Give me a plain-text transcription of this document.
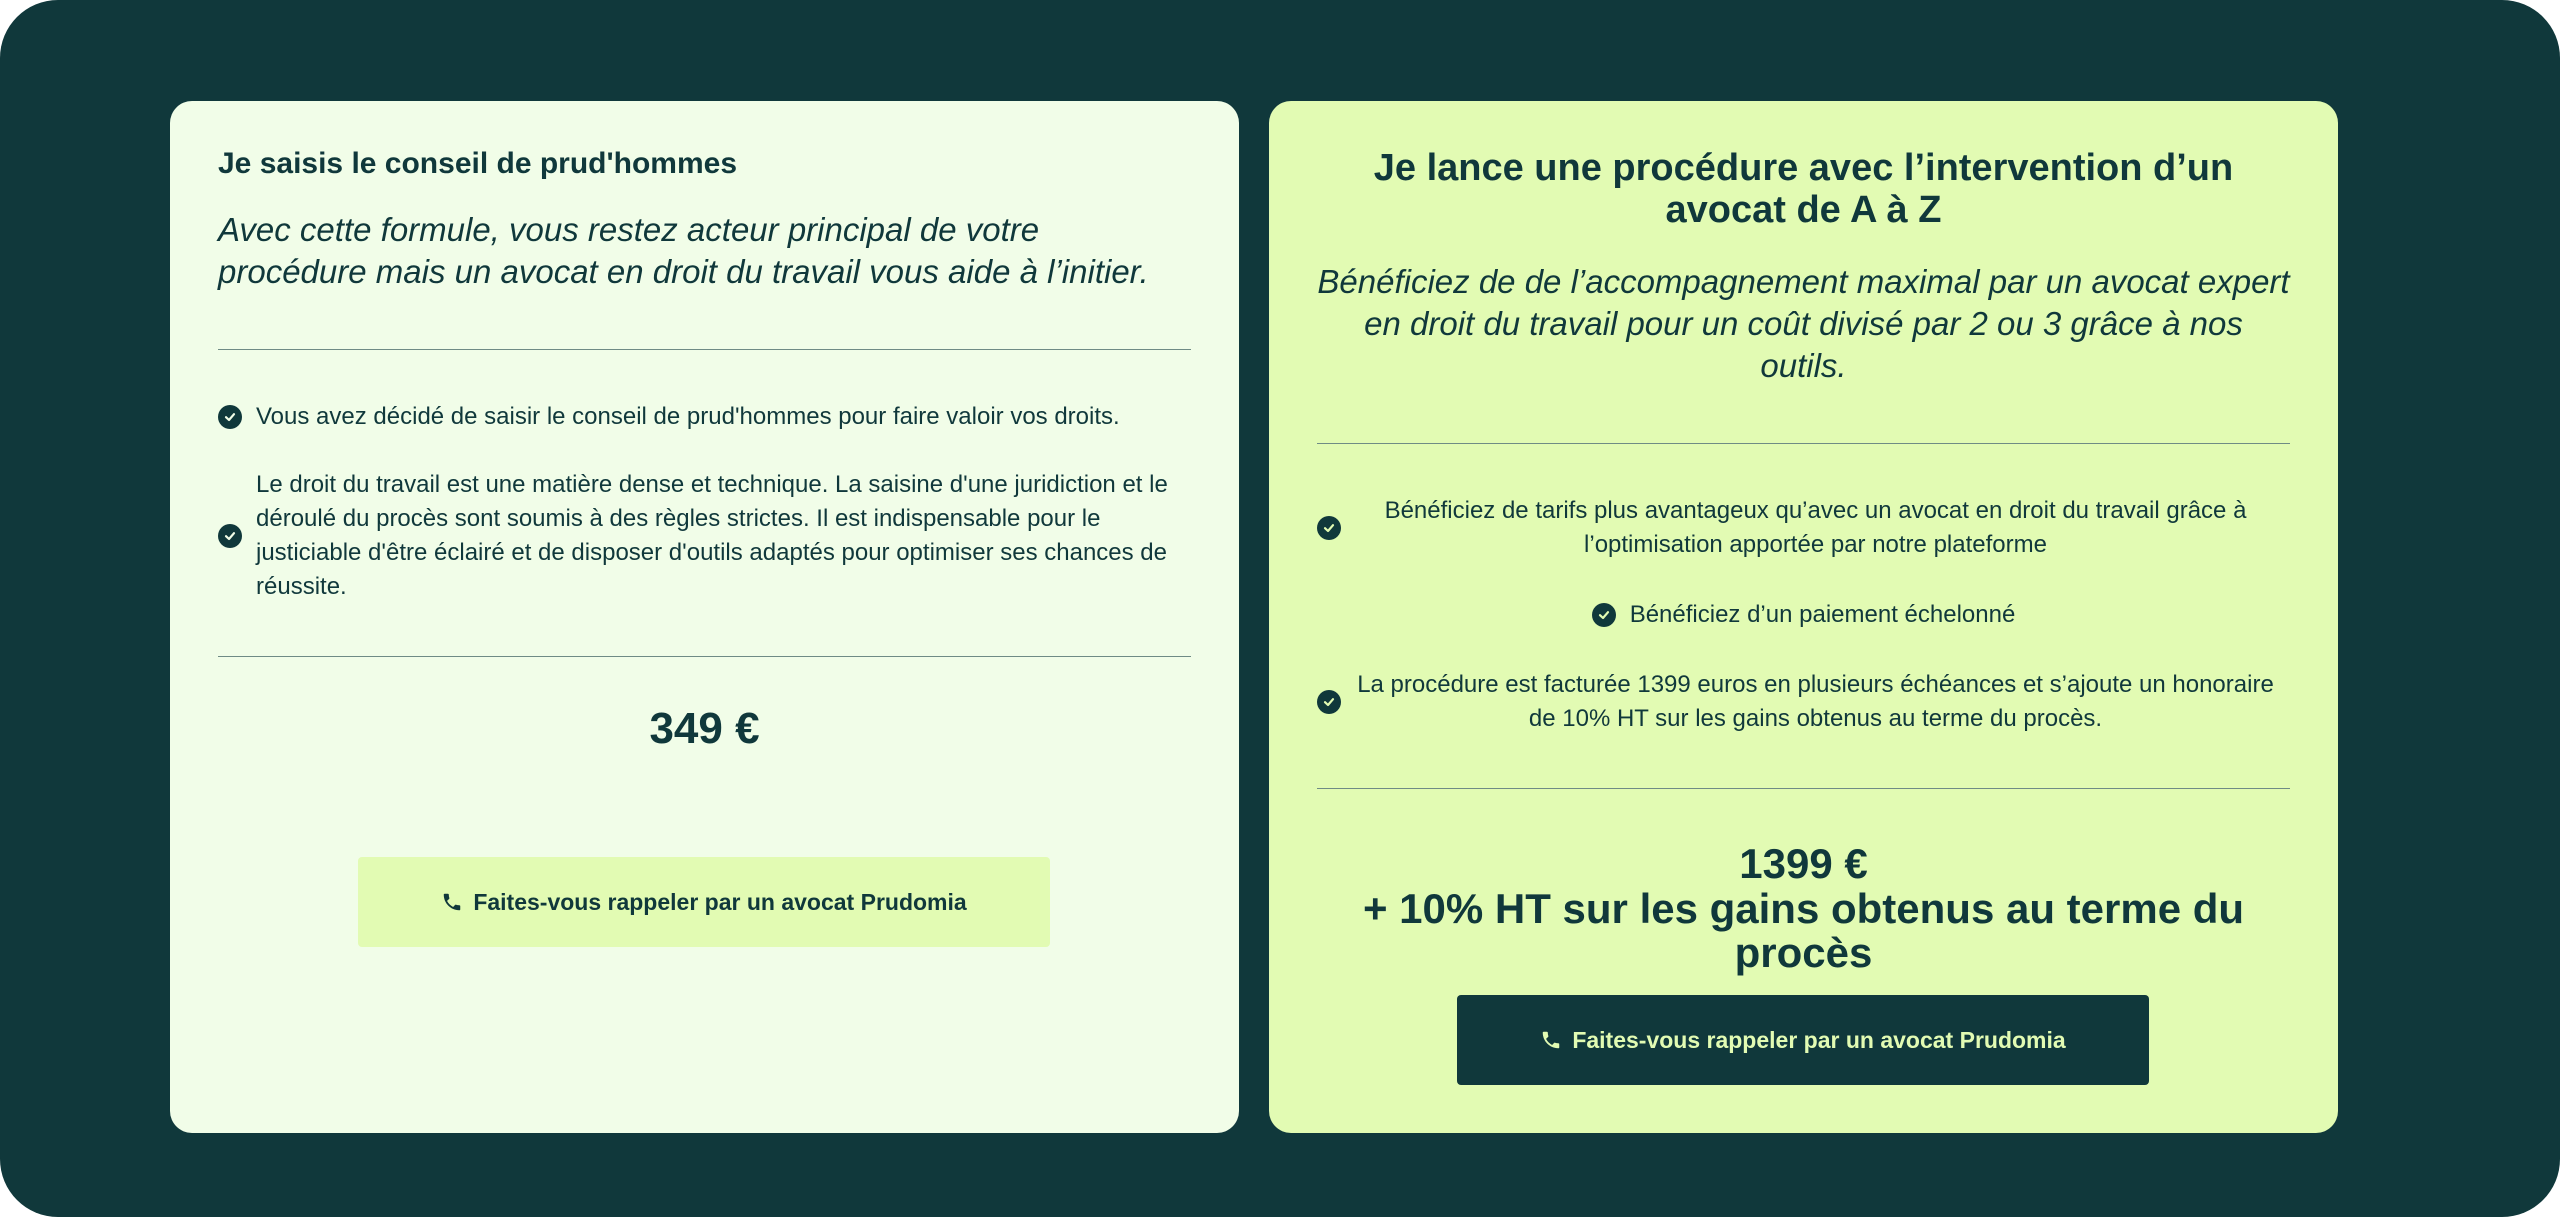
Je saisis le conseil de prud'hommes

Avec cette formule, vous restez acteur principal de votre procédure mais un avocat en droit du travail vous aide à l’initier.

Vous avez décidé de saisir le conseil de prud'hommes pour faire valoir vos droits.
Le droit du travail est une matière dense et technique. La saisine d'une juridiction et le déroulé du procès sont soumis à des règles strictes. Il est indispensable pour le justiciable d'être éclairé et de disposer d'outils adaptés pour optimiser ses chances de réussite.

349 €

Faites-vous rappeler par un avocat Prudomia
Je lance une procédure avec l’intervention d’un avocat de A à Z

Bénéficiez de de l’accompagnement maximal par un avocat expert en droit du travail pour un coût divisé par 2 ou 3 grâce à nos outils.

Bénéficiez de tarifs plus avantageux qu’avec un avocat en droit du travail grâce à l’optimisation apportée par notre plateforme
Bénéficiez d’un paiement échelonné
La procédure est facturée 1399 euros en plusieurs échéances et s’ajoute un honoraire de 10% HT sur les gains obtenus au terme du procès.

1399 €

+ 10% HT sur les gains obtenus au terme du procès

Faites-vous rappeler par un avocat Prudomia
